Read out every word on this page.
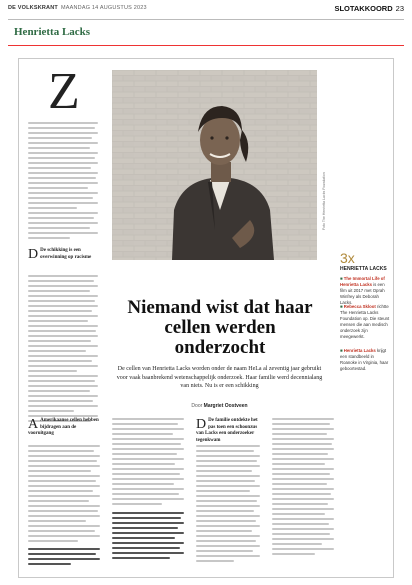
DE VOLKSKRANT MAANDAG 14 AUGUSTUS 2023	SLOTAKKOORD 23
Henrietta Lacks
Z
D De schikking is een overwinning op racisme
Foto The Henrietta Lacks Foundation
Niemand wist dat haar cellen werden onderzocht
De cellen van Henrietta Lacks worden onder de naam HeLa al zeventig jaar gebruikt voor vaak baanbrekend wetenschappelijk onderzoek. Haar familie werd decennialang van niets. Nu is er een schikking
Door Margriet Oostveen
A Amerikaanse cellen hebben bijdragen aan de vooruitgang
D De familie ontdekte het pas toen een schoonzus van Lacks een onderzoeker tegenkwam
3x
HENRIETTA LACKS
■ The Immortal Life of Henrietta Lacks is een film uit 2017 met Oprah Winfrey als Deborah Lacks.
■ Rebecca Skloot richtte The Henrietta Lacks Foundation op. Die steunt mensen die aan medisch onderzoek zijn meegewerkt.
■ Henrietta Lacks krijgt een standbeeld in Roanoke in Virginia, haar geboortestad.
